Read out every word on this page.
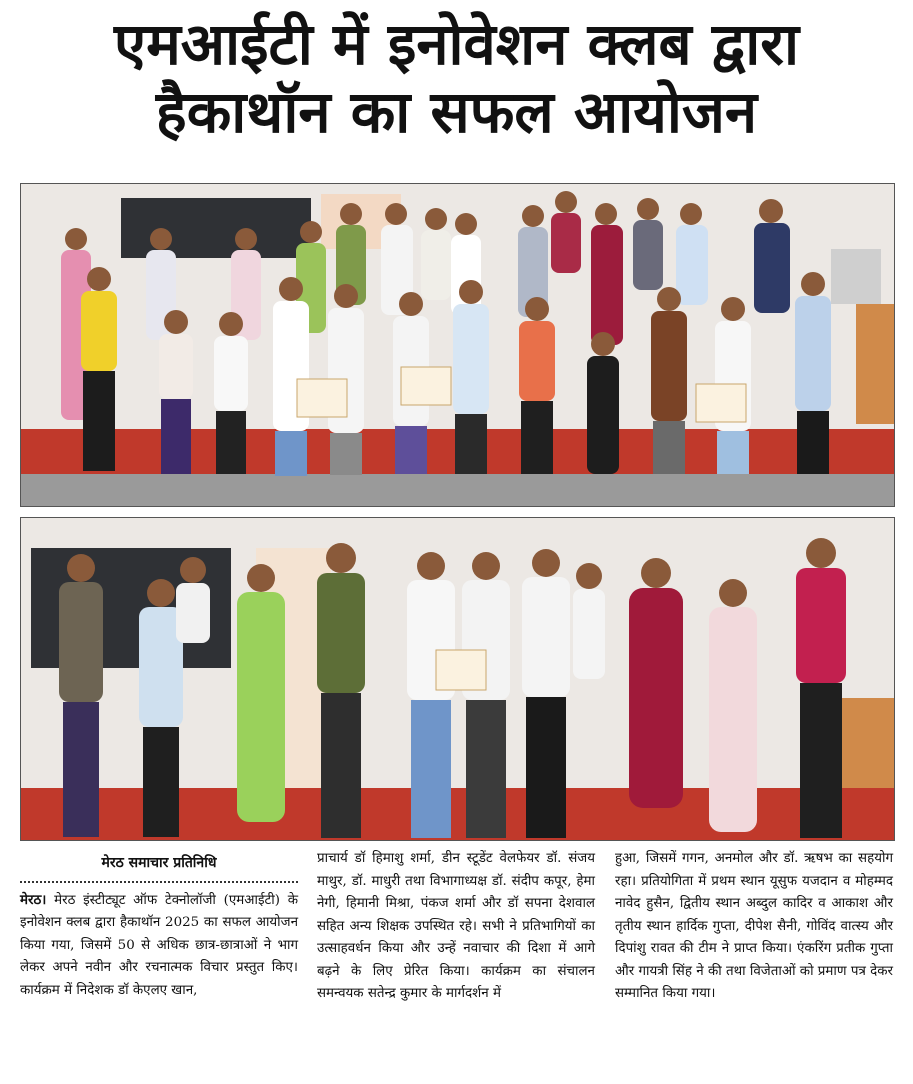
एमआईटी में इनोवेशन क्लब द्वारा
हैकाथॉन का सफल आयोजन
मेरठ समाचार प्रतिनिधि
मेरठ। मेरठ इंस्टीट्यूट ऑफ टेक्नोलॉजी (एमआईटी) के इनोवेशन क्लब द्वारा हैकाथॉन 2025 का सफल आयोजन किया गया, जिसमें 50 से अधिक छात्र-छात्राओं ने भाग लेकर अपने नवीन और रचनात्मक विचार प्रस्तुत किए। कार्यक्रम में निदेशक डॉ केएलए खान,
प्राचार्य डॉ हिमाशु शर्मा, डीन स्टूडेंट वेलफेयर डॉ. संजय माथुर, डॉ. माधुरी तथा विभागाध्यक्ष डॉ. संदीप कपूर, हेमा नेगी, हिमानी मिश्रा, पंकज शर्मा और डॉ सपना देशवाल सहित अन्य शिक्षक उपस्थित रहे। सभी ने प्रतिभागियों का उत्साहवर्धन किया और उन्हें नवाचार की दिशा में आगे बढ़ने के लिए प्रेरित किया। कार्यक्रम का संचालन समन्वयक सतेन्द्र कुमार के मार्गदर्शन में
हुआ, जिसमें गगन, अनमोल और डॉ. ऋषभ का सहयोग रहा। प्रतियोगिता में प्रथम स्थान यूसुफ यजदान व मोहम्मद नावेद हुसैन, द्वितीय स्थान अब्दुल कादिर व आकाश और तृतीय स्थान हार्दिक गुप्ता, दीपेश सैनी, गोविंद वात्स्य और दिपांशु रावत की टीम ने प्राप्त किया। एंकरिंग प्रतीक गुप्ता और गायत्री सिंह ने की तथा विजेताओं को प्रमाण पत्र देकर सम्मानित किया गया।
